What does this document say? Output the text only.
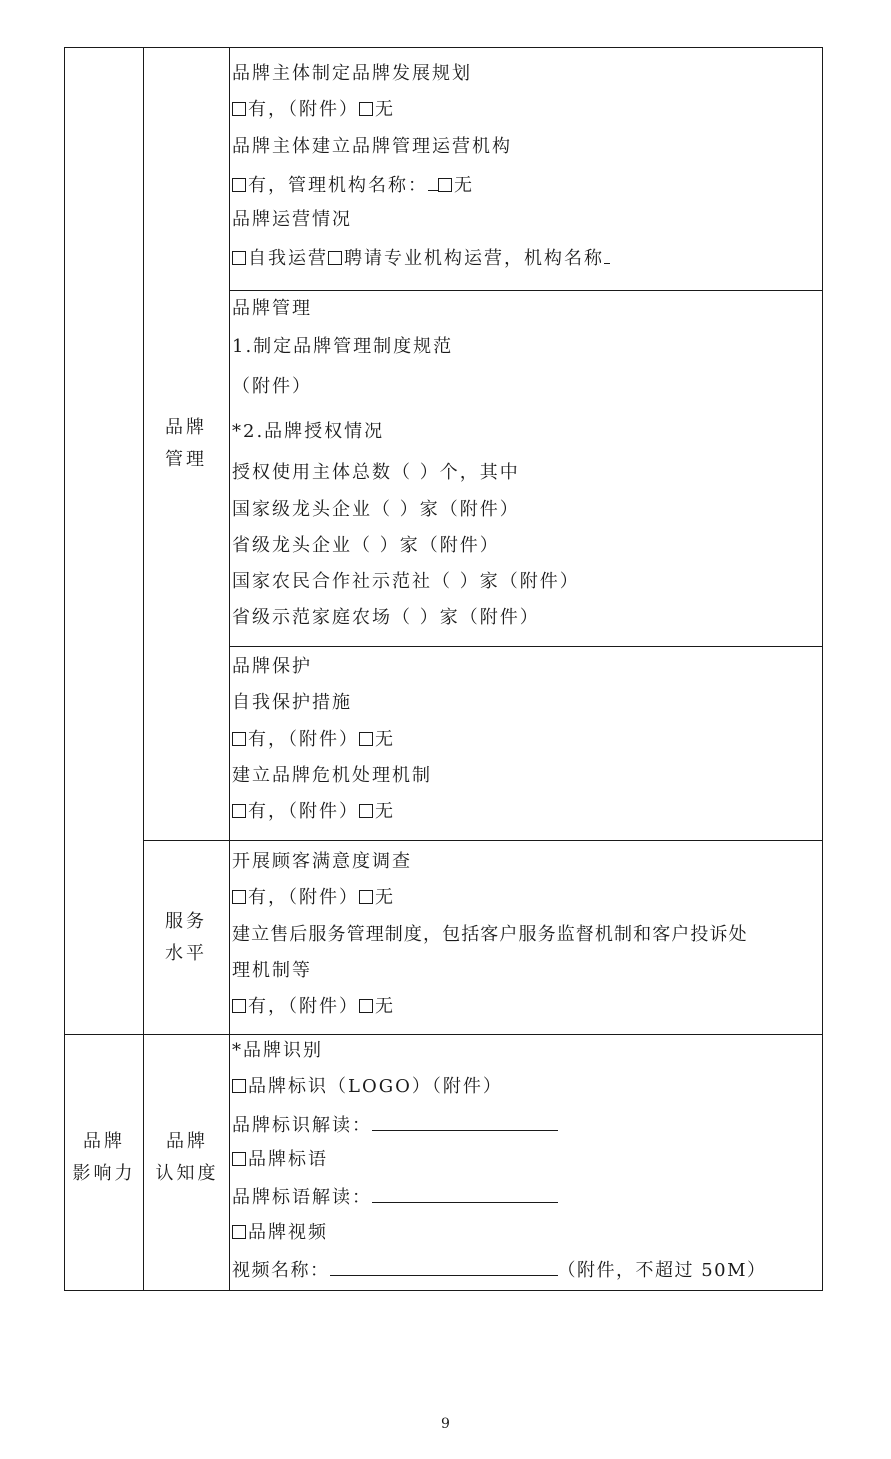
品牌
管理
服务
水平
品牌
认知度
品牌
影响力
品牌主体制定品牌发展规划
有，（附件） 无
品牌主体建立品牌管理运营机构
有，管理机构名称： 无
品牌运营情况
自我运营 聘请专业机构运营，机构名称
品牌管理
1.制定品牌管理制度规范
（附件）
*2.品牌授权情况
授权使用主体总数（ ）个，其中
国家级龙头企业（ ）家（附件）
省级龙头企业（ ）家（附件）
国家农民合作社示范社（ ）家（附件）
省级示范家庭农场（ ）家（附件）
品牌保护
自我保护措施
有，（附件） 无
建立品牌危机处理机制
有，（附件） 无
开展顾客满意度调查
有，（附件） 无
建立售后服务管理制度，包括客户服务监督机制和客户投诉处
理机制等
有，（附件） 无
*品牌识别
品牌标识（LOGO）（附件）
品牌标识解读：
品牌标语
品牌标语解读：
品牌视频
视频名称：	（附件，不超过 50M）
9
